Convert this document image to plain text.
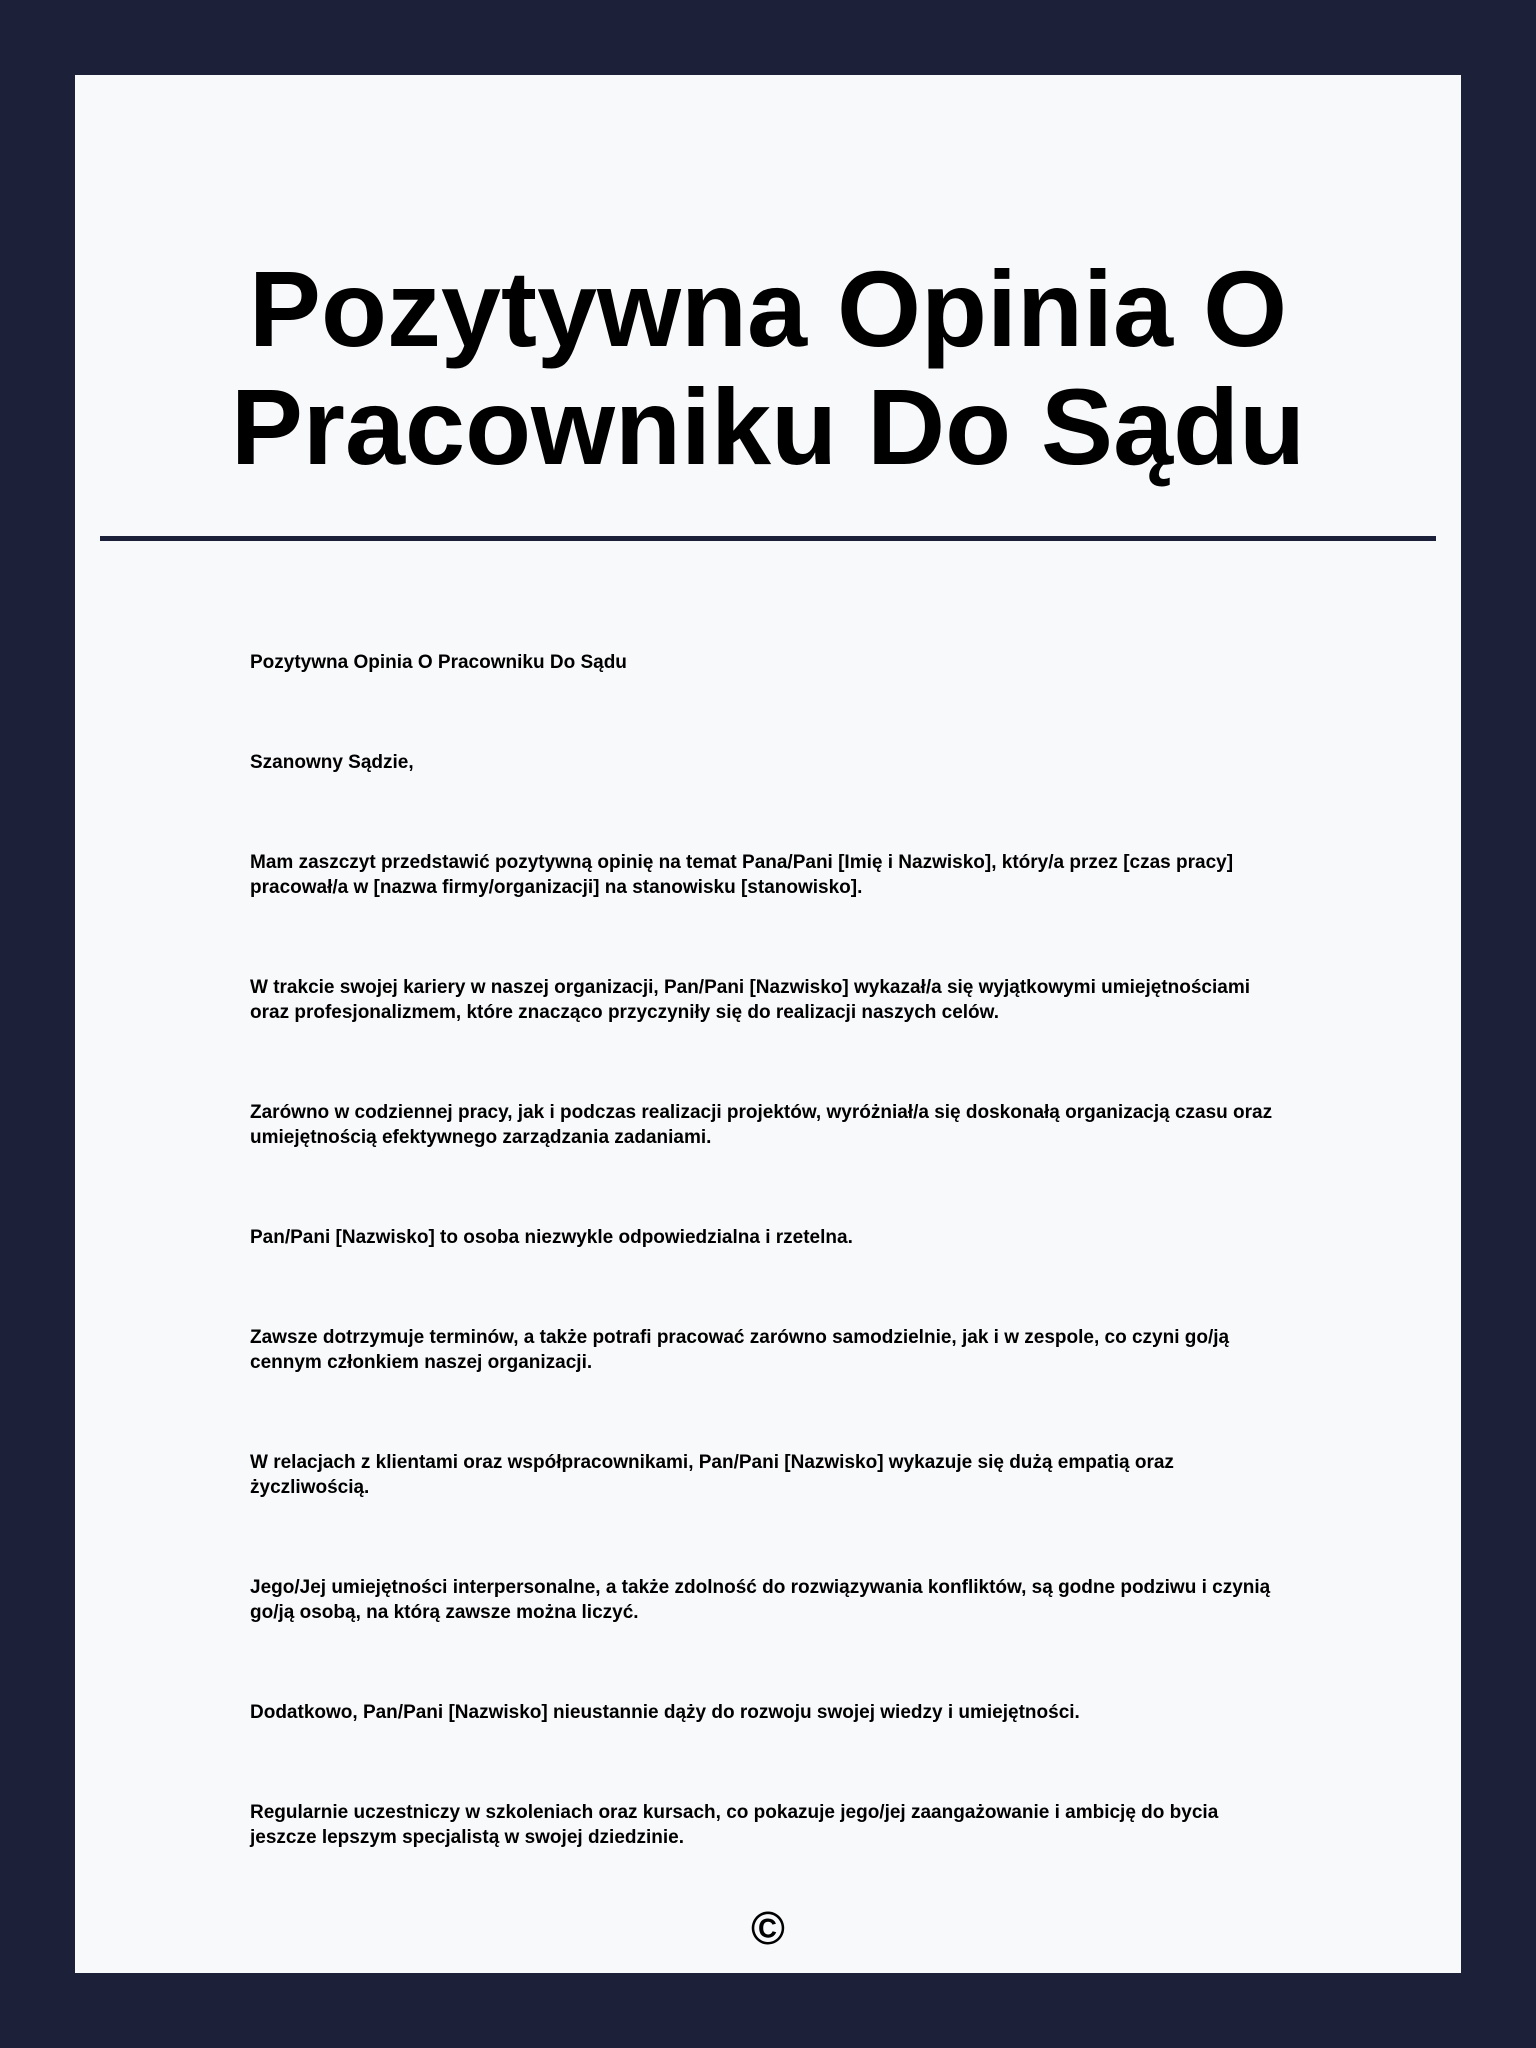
Pozytywna Opinia O Pracowniku Do Sądu

Pozytywna Opinia O Pracowniku Do Sądu

Szanowny Sądzie,

Mam zaszczyt przedstawić pozytywną opinię na temat Pana/Pani [Imię i Nazwisko], który/a przez [czas pracy] pracował/a w [nazwa firmy/organizacji] na stanowisku [stanowisko].

W trakcie swojej kariery w naszej organizacji, Pan/Pani [Nazwisko] wykazał/a się wyjątkowymi umiejętnościami oraz profesjonalizmem, które znacząco przyczyniły się do realizacji naszych celów.

Zarówno w codziennej pracy, jak i podczas realizacji projektów, wyróżniał/a się doskonałą organizacją czasu oraz umiejętnością efektywnego zarządzania zadaniami.

Pan/Pani [Nazwisko] to osoba niezwykle odpowiedzialna i rzetelna.

Zawsze dotrzymuje terminów, a także potrafi pracować zarówno samodzielnie, jak i w zespole, co czyni go/ją cennym członkiem naszej organizacji.

W relacjach z klientami oraz współpracownikami, Pan/Pani [Nazwisko] wykazuje się dużą empatią oraz życzliwością.

Jego/Jej umiejętności interpersonalne, a także zdolność do rozwiązywania konfliktów, są godne podziwu i czynią go/ją osobą, na którą zawsze można liczyć.

Dodatkowo, Pan/Pani [Nazwisko] nieustannie dąży do rozwoju swojej wiedzy i umiejętności.

Regularnie uczestniczy w szkoleniach oraz kursach, co pokazuje jego/jej zaangażowanie i ambicję do bycia jeszcze lepszym specjalistą w swojej dziedzinie.

©
